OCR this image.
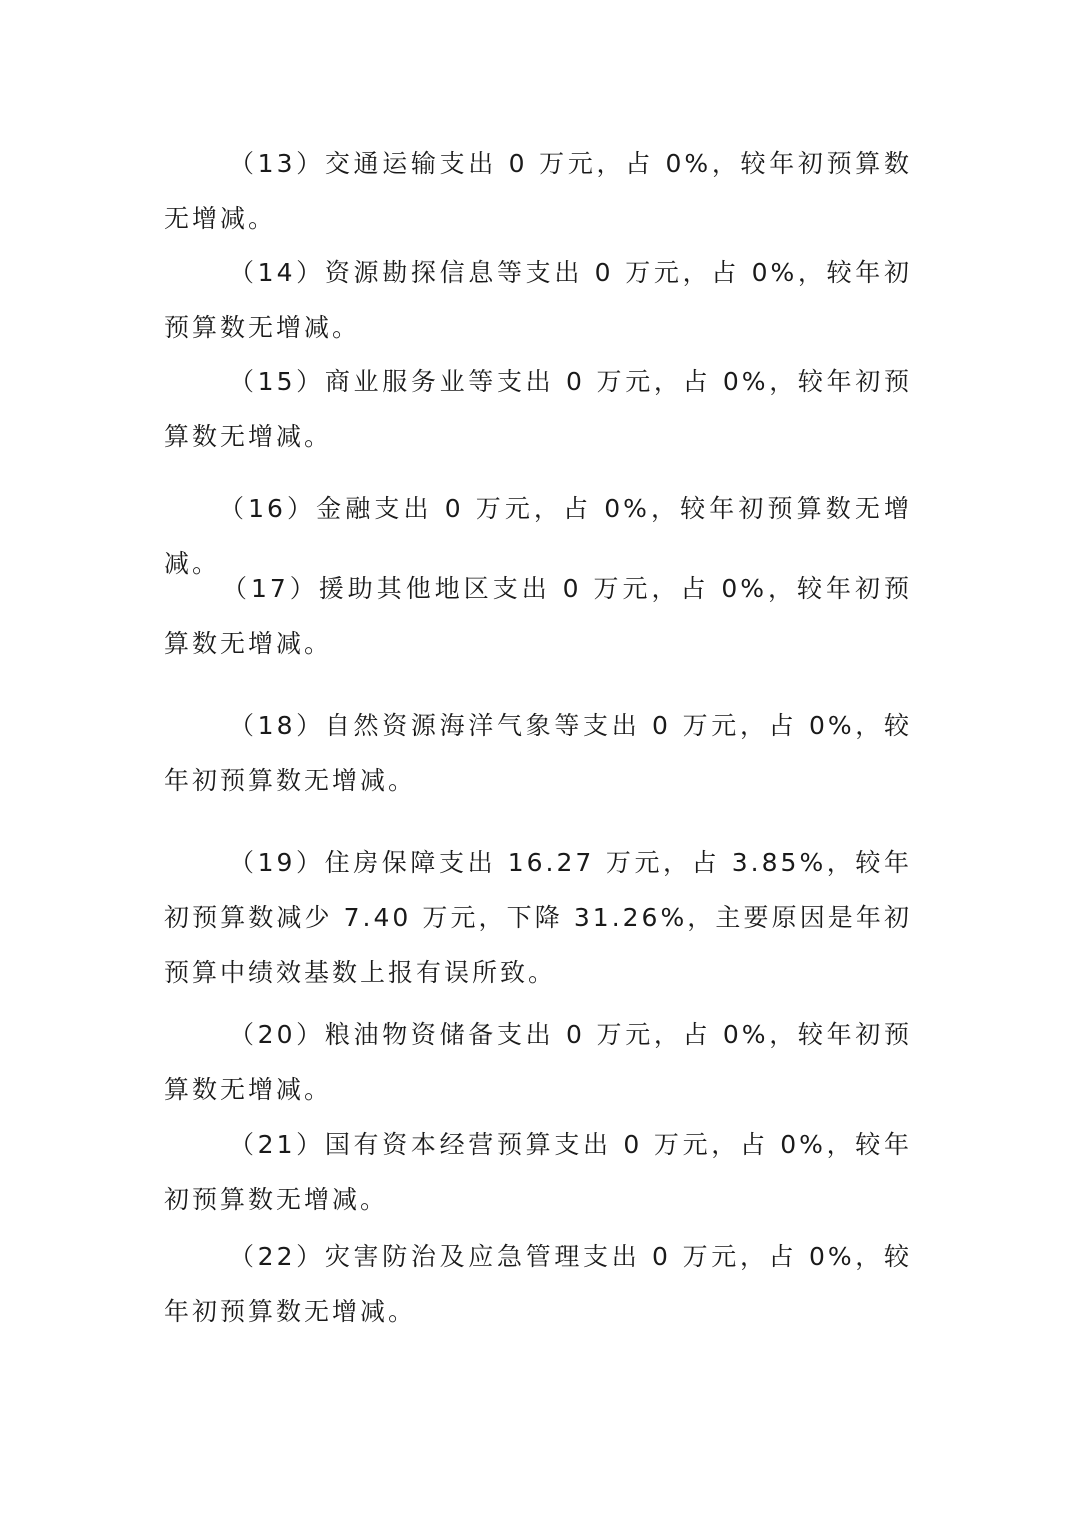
（13）交通运输支出 0 万元，占 0%，较年初预算数无增减。

（14）资源勘探信息等支出 0 万元，占 0%，较年初预算数无增减。

（15）商业服务业等支出 0 万元，占 0%，较年初预算数无增减。

（16）金融支出 0 万元，占 0%，较年初预算数无增减。

（17）援助其他地区支出 0 万元，占 0%，较年初预算数无增减。

（18）自然资源海洋气象等支出 0 万元，占 0%，较年初预算数无增减。

（19）住房保障支出 16.27 万元，占 3.85%，较年初预算数减少 7.40 万元，下降 31.26%，主要原因是年初预算中绩效基数上报有误所致。

（20）粮油物资储备支出 0 万元，占 0%，较年初预算数无增减。

（21）国有资本经营预算支出 0 万元，占 0%，较年初预算数无增减。

（22）灾害防治及应急管理支出 0 万元，占 0%，较年初预算数无增减。
